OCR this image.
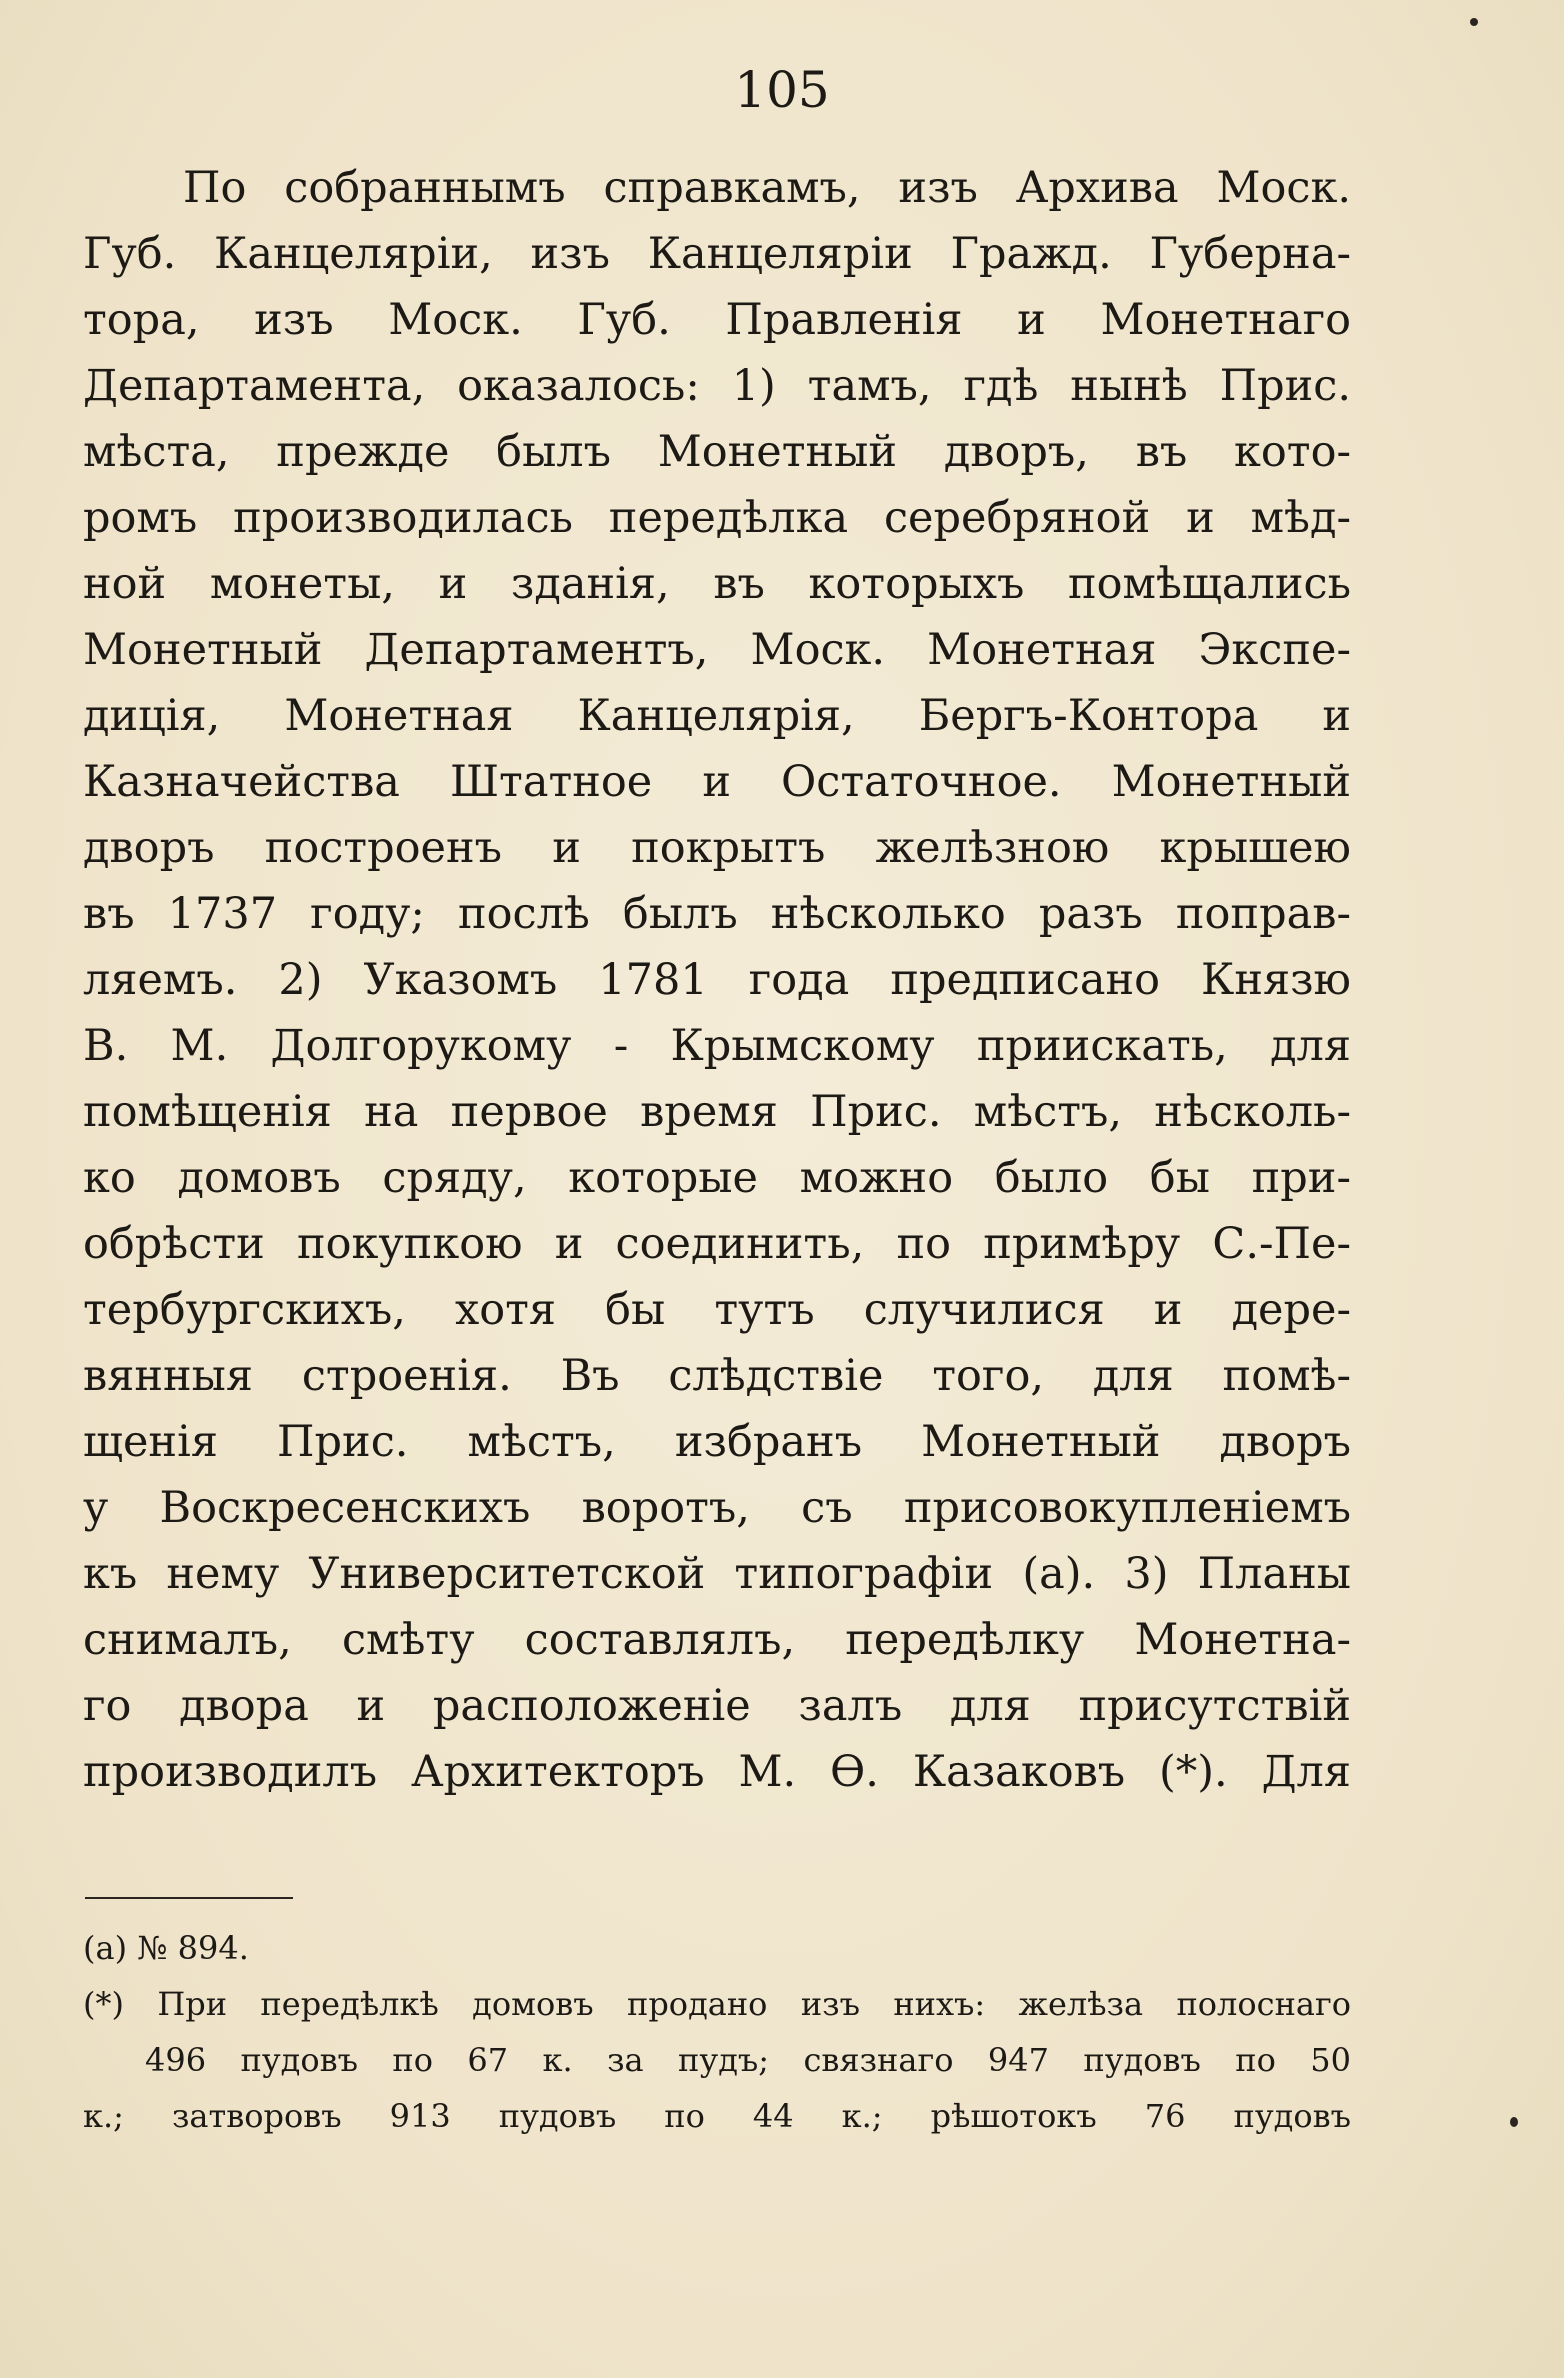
105
По собраннымъ справкамъ, изъ Архива Моск.
Губ. Канцеляріи, изъ Канцеляріи Гражд. Губерна-
тора, изъ Моск. Губ. Правленія и Монетнаго
Департамента, оказалось: 1) тамъ, гдѣ нынѣ Прис.
мѣста, прежде былъ Монетный дворъ, въ кото-
ромъ производилась передѣлка серебряной и мѣд-
ной монеты, и зданія, въ которыхъ помѣщались
Монетный Департаментъ, Моск. Монетная Экспе-
диція, Монетная Канцелярія, Бергъ-Контора и
Казначейства Штатное и Остаточное. Монетный
дворъ построенъ и покрытъ желѣзною крышею
въ 1737 году; послѣ былъ нѣсколько разъ поправ-
ляемъ. 2) Указомъ 1781 года предписано Князю
В. М. Долгорукому - Крымскому приискать, для
помѣщенія на первое время Прис. мѣстъ, нѣсколь-
ко домовъ сряду, которые можно было бы при-
обрѣсти покупкою и соединить, по примѣру С.-Пе-
тербургскихъ, хотя бы тутъ случилися и дере-
вянныя строенія. Въ слѣдствіе того, для помѣ-
щенія Прис. мѣстъ, избранъ Монетный дворъ
у Воскресенскихъ воротъ, съ присовокупленіемъ
къ нему Университетской типографіи (а). 3) Планы
снималъ, смѣту составлялъ, передѣлку Монетна-
го двора и расположеніе залъ для присутствій
производилъ Архитекторъ М. Ѳ. Казаковъ (*). Для
(а) № 894.
(*) При передѣлкѣ домовъ продано изъ нихъ: желѣза полоснаго
496 пудовъ по 67 к. за пудъ; связнаго 947 пудовъ по 50
к.; затворовъ 913 пудовъ по 44 к.; рѣшотокъ 76 пудовъ
